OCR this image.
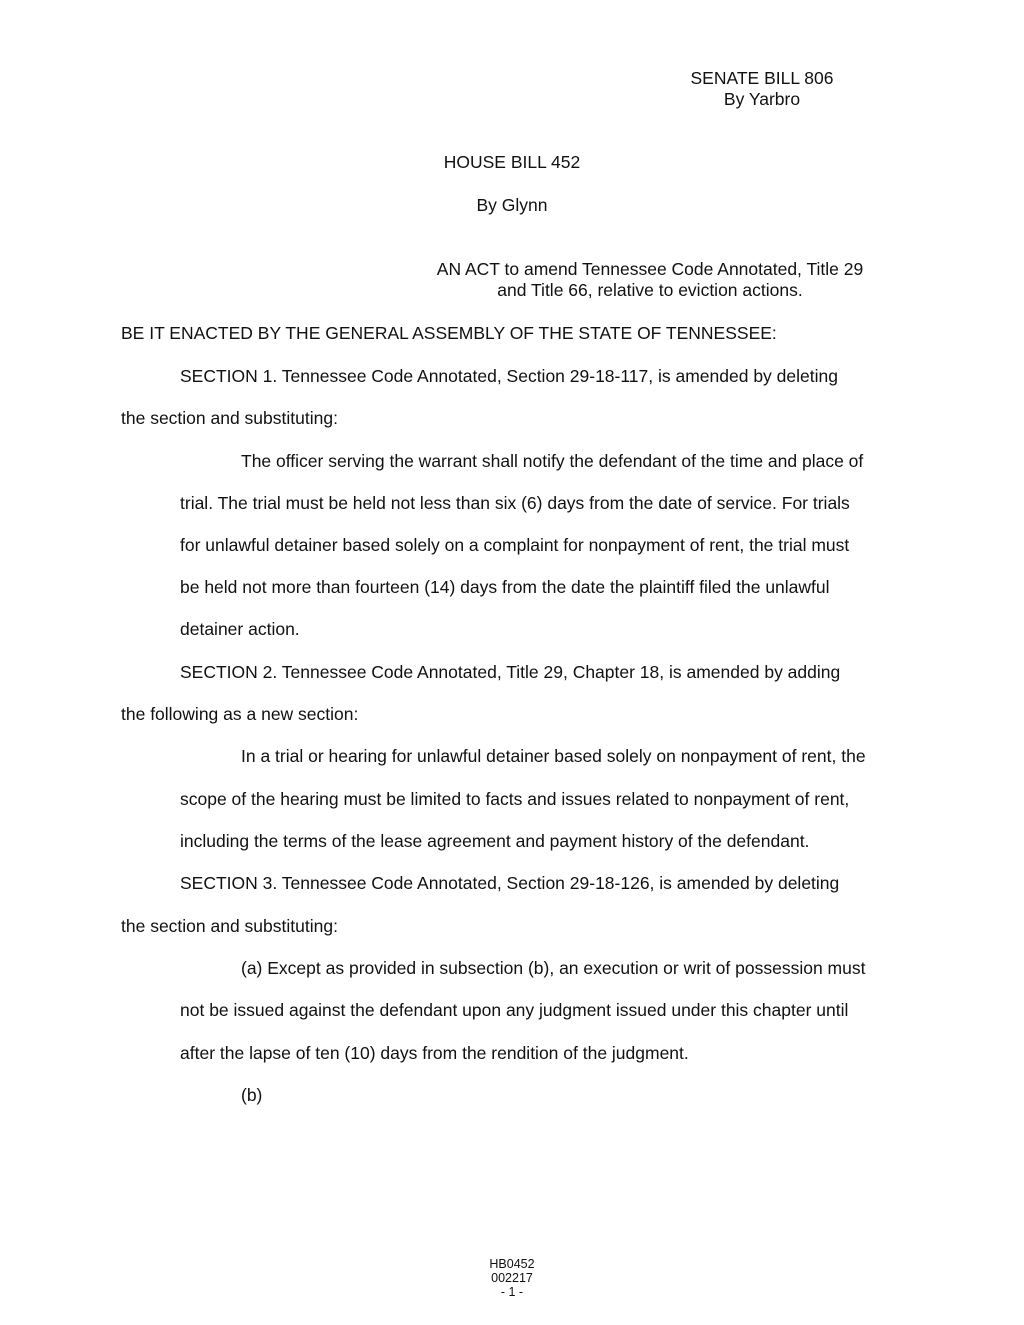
SENATE BILL 806
By Yarbro
HOUSE BILL 452
By Glynn
AN ACT to amend Tennessee Code Annotated, Title 29
and Title 66, relative to eviction actions.
BE IT ENACTED BY THE GENERAL ASSEMBLY OF THE STATE OF TENNESSEE:
SECTION 1. Tennessee Code Annotated, Section 29-18-117, is amended by deleting
the section and substituting:
The officer serving the warrant shall notify the defendant of the time and place of
trial. The trial must be held not less than six (6) days from the date of service. For trials
for unlawful detainer based solely on a complaint for nonpayment of rent, the trial must
be held not more than fourteen (14) days from the date the plaintiff filed the unlawful
detainer action.
SECTION 2. Tennessee Code Annotated, Title 29, Chapter 18, is amended by adding
the following as a new section:
In a trial or hearing for unlawful detainer based solely on nonpayment of rent, the
scope of the hearing must be limited to facts and issues related to nonpayment of rent,
including the terms of the lease agreement and payment history of the defendant.
SECTION 3. Tennessee Code Annotated, Section 29-18-126, is amended by deleting
the section and substituting:
(a) Except as provided in subsection (b), an execution or writ of possession must
not be issued against the defendant upon any judgment issued under this chapter until
after the lapse of ten (10) days from the rendition of the judgment.
(b)
HB0452
002217
- 1 -
